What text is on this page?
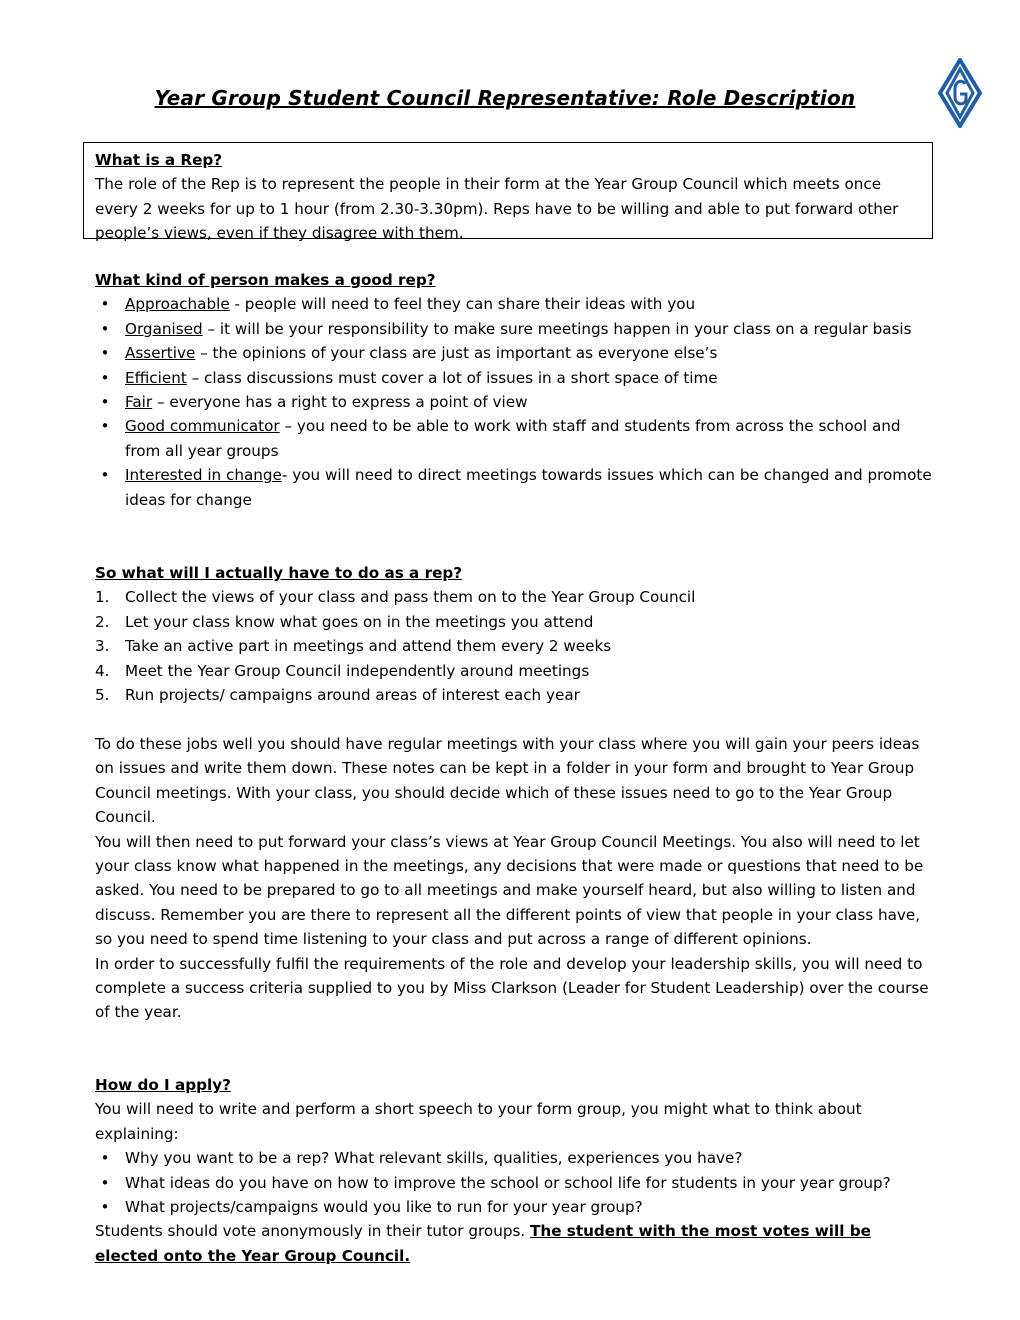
Year Group Student Council Representative: Role Description
What is a Rep?

The role of the Rep is to represent the people in their form at the Year Group Council which meets once every 2 weeks for up to 1 hour (from 2.30-3.30pm). Reps have to be willing and able to put forward other people’s views, even if they disagree with them.

What kind of person makes a good rep?
• Approachable - people will need to feel they can share their ideas with you
• Organised – it will be your responsibility to make sure meetings happen in your class on a regular basis
• Assertive – the opinions of your class are just as important as everyone else’s
• Efficient – class discussions must cover a lot of issues in a short space of time
• Fair – everyone has a right to express a point of view
• Good communicator – you need to be able to work with staff and students from across the school and from all year groups
• Interested in change- you will need to direct meetings towards issues which can be changed and promote ideas for change
So what will I actually have to do as a rep?
1. Collect the views of your class and pass them on to the Year Group Council
2. Let your class know what goes on in the meetings you attend
3. Take an active part in meetings and attend them every 2 weeks
4. Meet the Year Group Council independently around meetings
5. Run projects/ campaigns around areas of interest each year

To do these jobs well you should have regular meetings with your class where you will gain your peers ideas on issues and write them down. These notes can be kept in a folder in your form and brought to Year Group Council meetings. With your class, you should decide which of these issues need to go to the Year Group Council.

You will then need to put forward your class’s views at Year Group Council Meetings. You also will need to let your class know what happened in the meetings, any decisions that were made or questions that need to be asked. You need to be prepared to go to all meetings and make yourself heard, but also willing to listen and discuss. Remember you are there to represent all the different points of view that people in your class have, so you need to spend time listening to your class and put across a range of different opinions.

In order to successfully fulfil the requirements of the role and develop your leadership skills, you will need to complete a success criteria supplied to you by Miss Clarkson (Leader for Student Leadership) over the course of the year.

How do I apply?

You will need to write and perform a short speech to your form group, you might what to think about explaining:

• Why you want to be a rep? What relevant skills, qualities, experiences you have?
• What ideas do you have on how to improve the school or school life for students in your year group?
• What projects/campaigns would you like to run for your year group?

Students should vote anonymously in their tutor groups. The student with the most votes will be elected onto the Year Group Council.
